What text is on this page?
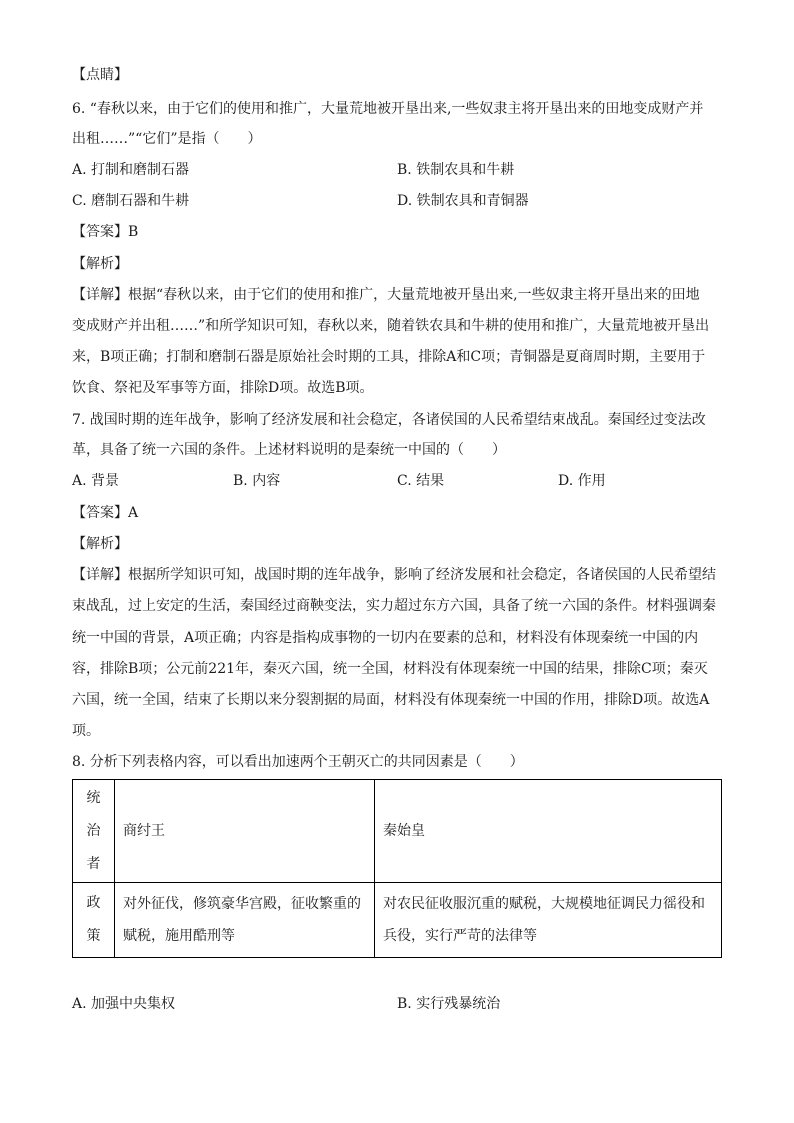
【点睛】
6. “春秋以来，由于它们的使用和推广，大量荒地被开垦出来,一些奴隶主将开垦出来的田地变成财产并
出租……”“它们”是指（　　）
A. 打制和磨制石器	B. 铁制农具和牛耕
C. 磨制石器和牛耕	D. 铁制农具和青铜器
【答案】B
【解析】
【详解】根据“春秋以来，由于它们的使用和推广，大量荒地被开垦出来,一些奴隶主将开垦出来的田地
变成财产并出租……”和所学知识可知，春秋以来，随着铁农具和牛耕的使用和推广，大量荒地被开垦出
来，B项正确；打制和磨制石器是原始社会时期的工具，排除A和C项；青铜器是夏商周时期，主要用于
饮食、祭祀及军事等方面，排除D项。故选B项。
7. 战国时期的连年战争，影响了经济发展和社会稳定，各诸侯国的人民希望结束战乱。秦国经过变法改
革，具备了统一六国的条件。上述材料说明的是秦统一中国的（　　）
A. 背景	B. 内容	C. 结果	D. 作用
【答案】A
【解析】
【详解】根据所学知识可知，战国时期的连年战争，影响了经济发展和社会稳定，各诸侯国的人民希望结
束战乱，过上安定的生活，秦国经过商鞅变法，实力超过东方六国，具备了统一六国的条件。材料强调秦
统一中国的背景，A项正确；内容是指构成事物的一切内在要素的总和，材料没有体现秦统一中国的内
容，排除B项；公元前221年，秦灭六国，统一全国，材料没有体现秦统一中国的结果，排除C项；秦灭
六国，统一全国，结束了长期以来分裂割据的局面，材料没有体现秦统一中国的作用，排除D项。故选A
项。
8. 分析下列表格内容，可以看出加速两个王朝灭亡的共同因素是（　　）
统治者	商纣王	秦始皇

政策	对外征伐，修筑豪华宫殿，征收繁重的赋税，施用酷刑等	对农民征收服沉重的赋税，大规模地征调民力徭役和兵役，实行严苛的法律等
A. 加强中央集权	B. 实行残暴统治
